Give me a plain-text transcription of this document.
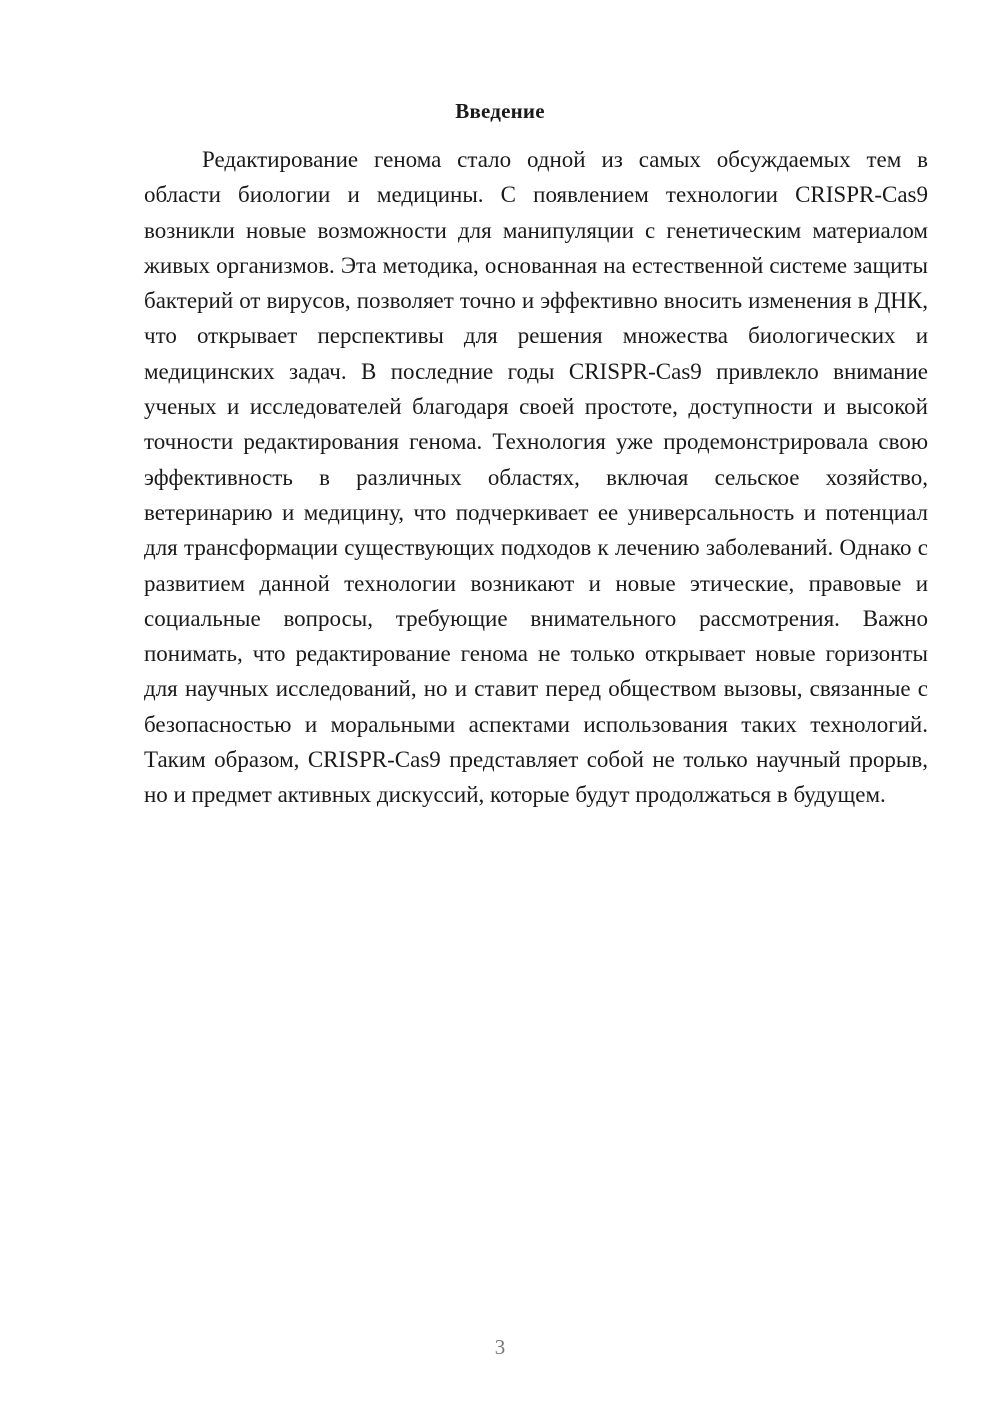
Введение

Редактирование генома стало одной из самых обсуждаемых тем в области биологии и медицины. С появлением технологии CRISPR-Cas9 возникли новые возможности для манипуляции с генетическим материалом живых организмов. Эта методика, основанная на естественной системе защиты бактерий от вирусов, позволяет точно и эффективно вносить изменения в ДНК, что открывает перспективы для решения множества биологических и медицинских задач. В последние годы CRISPR-Cas9 привлекло внимание ученых и исследователей благодаря своей простоте, доступности и высокой точности редактирования генома. Технология уже продемонстрировала свою эффективность в различных областях, включая сельское хозяйство, ветеринарию и медицину, что подчеркивает ее универсальность и потенциал для трансформации существующих подходов к лечению заболеваний. Однако с развитием данной технологии возникают и новые этические, правовые и социальные вопросы, требующие внимательного рассмотрения. Важно понимать, что редактирование генома не только открывает новые горизонты для научных исследований, но и ставит перед обществом вызовы, связанные с безопасностью и моральными аспектами использования таких технологий. Таким образом, CRISPR-Cas9 представляет собой не только научный прорыв, но и предмет активных дискуссий, которые будут продолжаться в будущем.

3
